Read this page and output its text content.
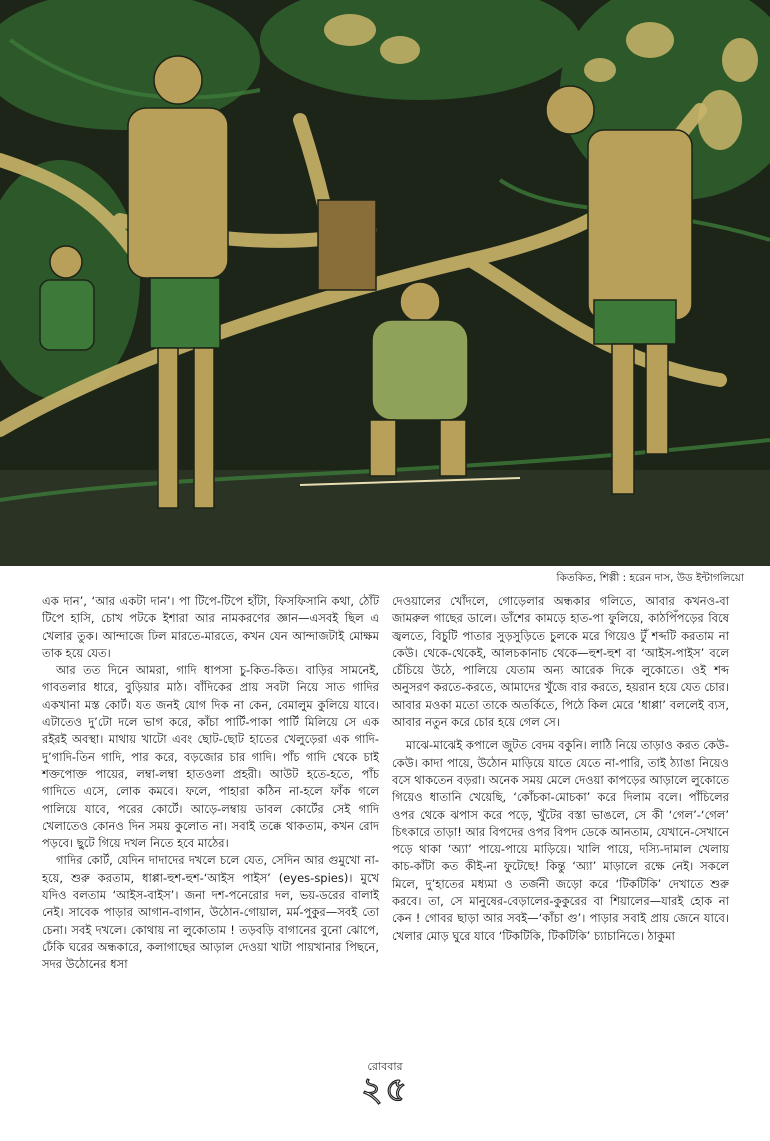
কিতকিত, শিল্পী : হরেন দাস, উড ইন্টাগলিয়ো

এক দান’, ‘আর একটা দান’। পা টিপে-টিপে হাঁটা, ফিসফিসানি কথা, ঠোঁট টিপে হাসি, চোখ পটকে ইশারা আর নামকরণের জ্ঞান—এসবই ছিল এ খেলার তুক। আন্দাজে ঢিল মারতে-মারতে, কখন যেন আন্দাজটাই মোক্ষম তাক হয়ে যেত।

আর তত দিনে আমরা, গাদি ধাপসা চু-কিত-কিত। বাড়ির সামনেই, গাবতলার ধারে, বুড়িয়ার মাঠ। বাঁদিকের প্রায় সবটা নিয়ে সাত গাদির একখানা মস্ত কোর্ট। যত জনই যোগ দিক না কেন, বেমালুম কুলিয়ে যাবে। এটাতেও দু’টো দলে ভাগ করে, কাঁচা পার্টি-পাকা পার্টি মিলিয়ে সে এক রইরই অবস্থা। মাথায় খাটো এবং ছোট-ছোট হাতের খেলুড়েরা এক গাদি-দু’গাদি-তিন গাদি, পার করে, বড়জোর চার গাদি। পাঁচ গাদি থেকে চাই শক্তপোক্ত পায়ের, লম্বা-লম্বা হাতওলা প্রহরী। আউট হতে-হতে, পাঁচ গাদিতে এসে, লোক কমবে। ফলে, পাহারা কঠিন না-হলে ফাঁক গলে পালিয়ে যাবে, পরের কোর্টে। আড়ে-লম্বায় ডাবল কোর্টের সেই গাদি খেলাতেও কোনও দিন সময় কুলোত না। সবাই তক্কে থাকতাম, কখন রোদ পড়বে। ছুটে গিয়ে দখল নিতে হবে মাঠের।

গাদির কোর্ট, যেদিন দাদাদের দখলে চলে যেত, সেদিন আর গুমুখো না-হয়ে, শুরু করতাম, ধাপ্পা-হুশ-হুশ-‘আইস পাইস’ (eyes-spies)। মুখে যদিও বলতাম ‘আইস-বাইস’। জনা দশ-পনেরোর দল, ভয়-ডরের বালাই নেই। সাবেক পাড়ার আগান-বাগান, উঠোন-গোয়াল, মর্ম-পুকুর—সবই তো চেনা। সবই দখলে। কোথায় না লুকোতাম ! তড়বড়ি বাগানের বুনো ঝোপে, ঢেঁকি ঘরের অন্ধকারে, কলাগাছের আড়াল দেওয়া খাটা পায়খানার পিছনে, সদর উঠোনের ধসা

দেওয়ালের খোঁদলে, গোড়েলার অন্ধকার গলিতে, আবার কখনও-বা জামরুল গাছের ডালে। ডাঁশের কামড়ে হাত-পা ফুলিয়ে, কাঠপিঁপড়ের বিষে জ্বলতে, বিচুটি পাতার সুড়সুড়িতে চুলকে মরে গিয়েও টুঁ শব্দটি করতাম না কেউ। থেকে-থেকেই, আলচকানাচ থেকে—হুশ-হুশ বা ‘আইস-পাইস’ বলে চেঁচিয়ে উঠে, পালিয়ে যেতাম অন্য আরেক দিকে লুকোতে। ওই শব্দ অনুসরণ করতে-করতে, আমাদের খুঁজে বার করতে, হয়রান হয়ে যেত চোর। আবার মওকা মতো তাকে অতর্কিতে, পিঠে কিল মেরে ‘ধাপ্পা’ বললেই ব্যস, আবার নতুন করে চোর হয়ে গেল সে।

মাঝে-মাঝেই কপালে জুটত বেদম বকুনি। লাঠি নিয়ে তাড়াও করত কেউ-কেউ। কাদা পায়ে, উঠোন মাড়িয়ে যাতে যেতে না-পারি, তাই ঠ্যাঙা নিয়েও বসে থাকতেন বড়রা। অনেক সময় মেলে দেওয়া কাপড়ের আড়ালে লুকোতে গিয়েও ধাতানি খেয়েছি, ‘কোঁচকা-মোচকা’ করে দিলাম বলে। পাঁচিলের ওপর থেকে ঝপাস করে পড়ে, খুঁটের বস্তা ভাঙলে, সে কী ‘গেল’-‘গেল’ চিৎকারে তাড়া! আর বিপদের ওপর বিপদ ডেকে আনতাম, যেখানে-সেখানে পড়ে থাকা ‘অ্যা’ পায়ে-পায়ে মাড়িয়ে। খালি পায়ে, দস্যি-দামাল খেলায় কাচ-কাঁটা কত কীই-না ফুটেছে! কিন্তু ‘অ্যা’ মাড়ালে রক্ষে নেই। সকলে মিলে, দু’হাতের মধ্যমা ও তর্জনী জড়ো করে ‘টিকটিকি’ দেখাতে শুরু করবে। তা, সে মানুষের-বেড়ালের-কুকুরের বা শিয়ালের—যারই হোক না কেন ! গোবর ছাড়া আর সবই—‘কাঁচা গু’। পাড়ার সবাই প্রায় জেনে যাবে। খেলার মোড় ঘুরে যাবে ‘টিকটিকি, টিকটিকি’ চ্যাচানিতে। ঠাকুমা

রোববার
২৫
